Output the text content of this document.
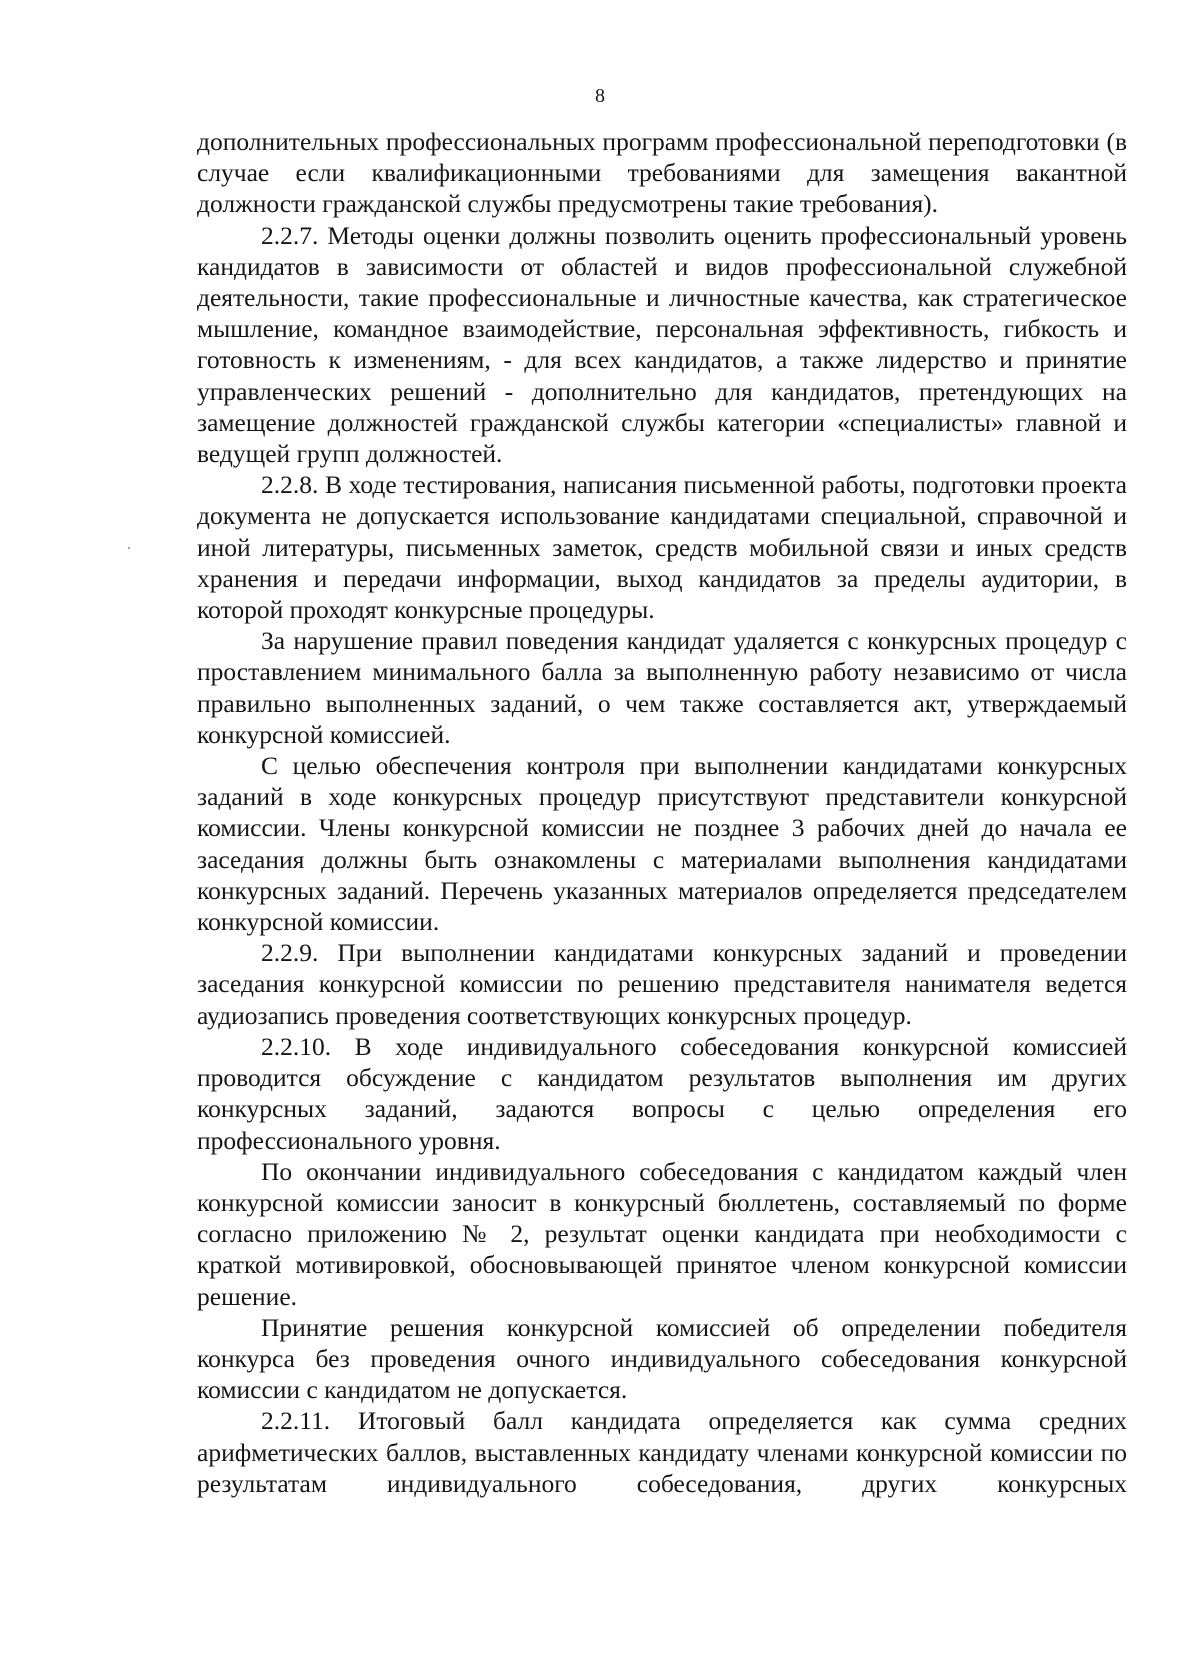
8

дополнительных профессиональных программ профессиональной переподготовки (в случае если квалификационными требованиями для замещения вакантной должности гражданской службы предусмотрены такие требования).

2.2.7. Методы оценки должны позволить оценить профессиональный уровень кандидатов в зависимости от областей и видов профессиональной служебной деятельности, такие профессиональные и личностные качества, как стратегическое мышление, командное взаимодействие, персональная эффективность, гибкость и готовность к изменениям, - для всех кандидатов, а также лидерство и принятие управленческих решений - дополнительно для кандидатов, претендующих на замещение должностей гражданской службы категории «специалисты» главной и ведущей групп должностей.

2.2.8. В ходе тестирования, написания письменной работы, подготовки проекта документа не допускается использование кандидатами специальной, справочной и иной литературы, письменных заметок, средств мобильной связи и иных средств хранения и передачи информации, выход кандидатов за пределы аудитории, в которой проходят конкурсные процедуры.

За нарушение правил поведения кандидат удаляется с конкурсных процедур с проставлением минимального балла за выполненную работу независимо от числа правильно выполненных заданий, о чем также составляется акт, утверждаемый конкурсной комиссией.

С целью обеспечения контроля при выполнении кандидатами конкурсных заданий в ходе конкурсных процедур присутствуют представители конкурсной комиссии. Члены конкурсной комиссии не позднее 3 рабочих дней до начала ее заседания должны быть ознакомлены с материалами выполнения кандидатами конкурсных заданий. Перечень указанных материалов определяется председателем конкурсной комиссии.

2.2.9. При выполнении кандидатами конкурсных заданий и проведении заседания конкурсной комиссии по решению представителя нанимателя ведется аудиозапись проведения соответствующих конкурсных процедур.

2.2.10. В ходе индивидуального собеседования конкурсной комиссией проводится обсуждение с кандидатом результатов выполнения им других конкурсных заданий, задаются вопросы с целью определения его профессионального уровня.

По окончании индивидуального собеседования с кандидатом каждый член конкурсной комиссии заносит в конкурсный бюллетень, составляемый по форме согласно приложению № 2, результат оценки кандидата при необходимости с краткой мотивировкой, обосновывающей принятое членом конкурсной комиссии решение.

Принятие решения конкурсной комиссией об определении победителя конкурса без проведения очного индивидуального собеседования конкурсной комиссии с кандидатом не допускается.

2.2.11. Итоговый балл кандидата определяется как сумма средних арифметических баллов, выставленных кандидату членами конкурсной комиссии по результатам индивидуального собеседования, других конкурсных
